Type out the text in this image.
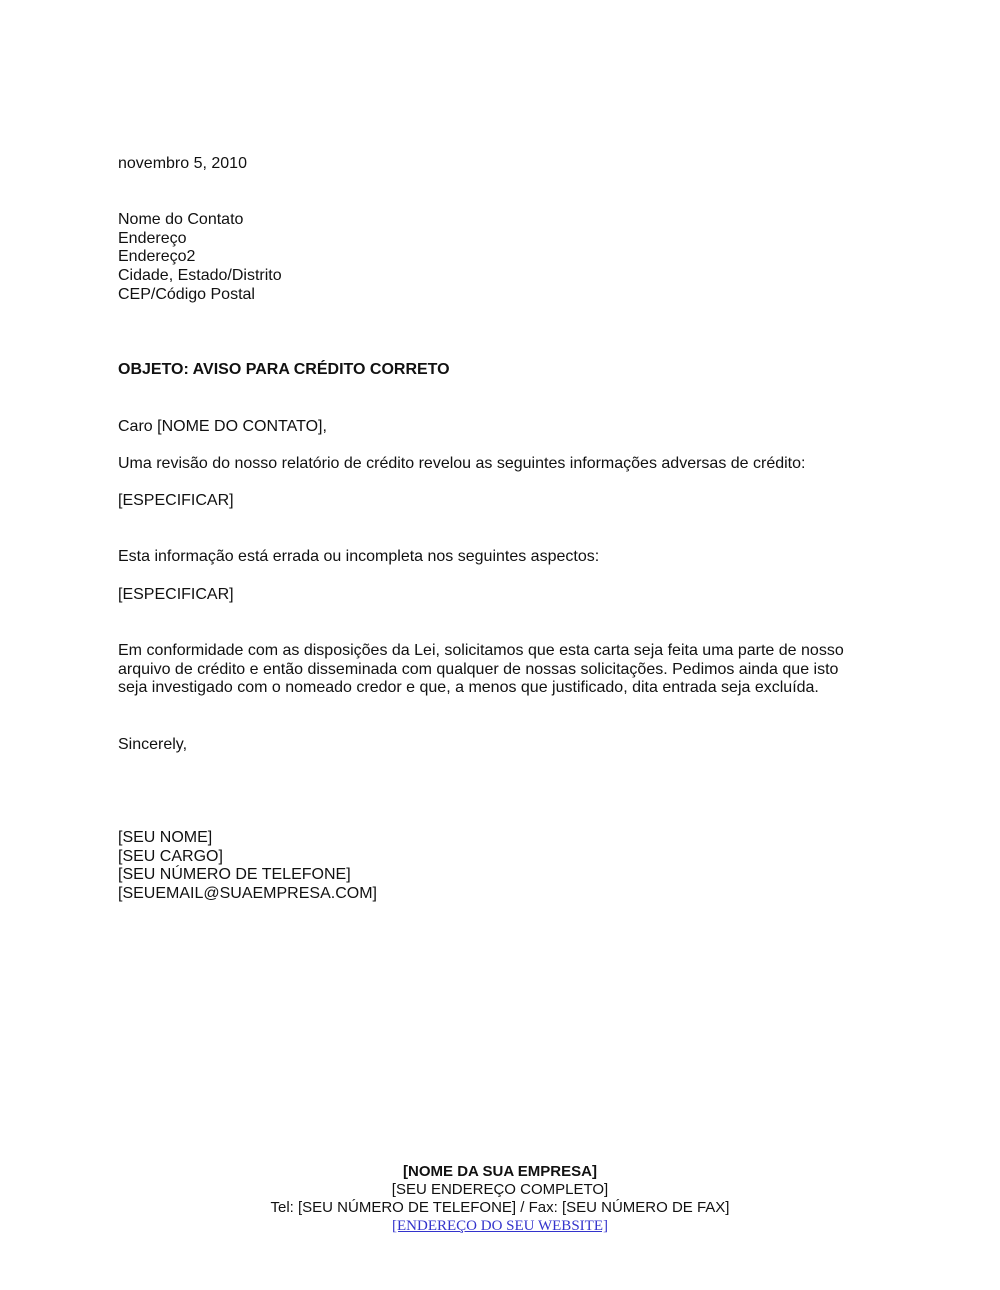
novembro 5, 2010
Nome do Contato
Endereço
Endereço2
Cidade, Estado/Distrito
CEP/Código Postal
OBJETO: AVISO PARA CRÉDITO CORRETO
Caro [NOME DO CONTATO],
Uma revisão do nosso relatório de crédito revelou as seguintes informações adversas de crédito:
[ESPECIFICAR]
Esta informação está errada ou incompleta nos seguintes aspectos:
[ESPECIFICAR]
Em conformidade com as disposições da Lei, solicitamos que esta carta seja feita uma parte de nosso
arquivo de crédito e então disseminada com qualquer de nossas solicitações. Pedimos ainda que isto
seja investigado com o nomeado credor e que, a menos que justificado, dita entrada seja excluída.
Sincerely,
[SEU NOME]
[SEU CARGO]
[SEU NÚMERO DE TELEFONE]
[SEUEMAIL@SUAEMPRESA.COM]
[NOME DA SUA EMPRESA]
[SEU ENDEREÇO COMPLETO]
Tel: [SEU NÚMERO DE TELEFONE] / Fax: [SEU NÚMERO DE FAX]
[ENDEREÇO DO SEU WEBSITE]
